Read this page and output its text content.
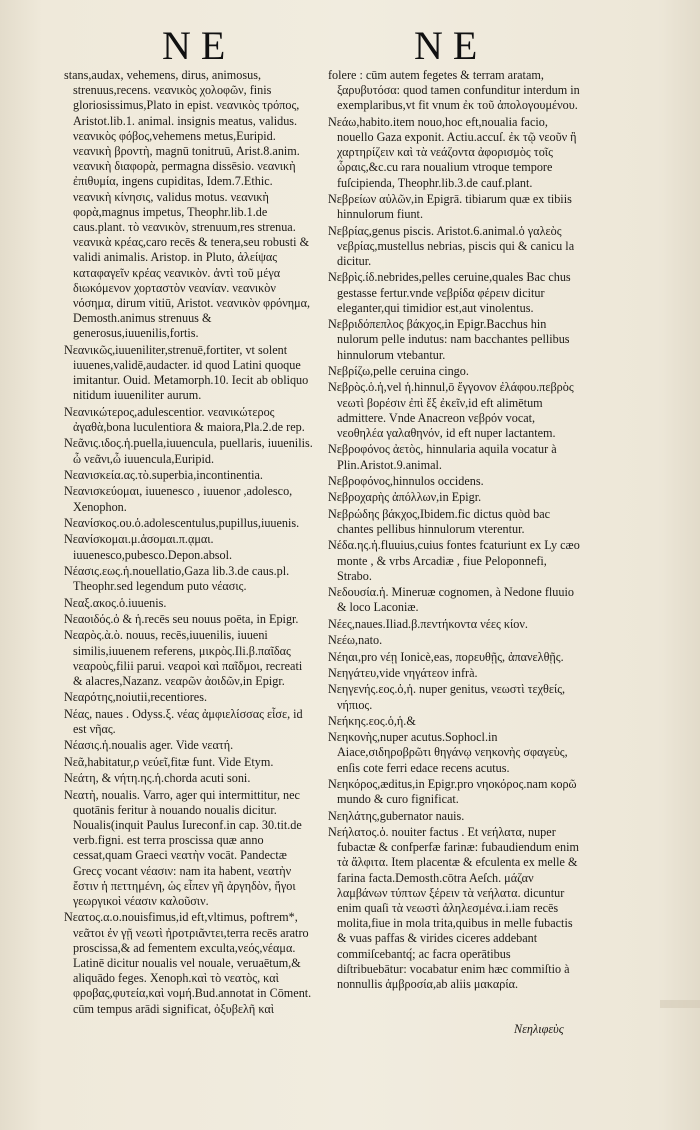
NE	NE

stans,audax, vehemens, dirus, animosus, strenuus,recens. νεανικὸς χολοφῶν, finis gloriosissimus,Plato in epist. νεανικὸς τρόπος, Aristot.lib.1. animal. insignis meatus, validus. νεανικὸς φόβος,vehemens metus,Euripid. νεανικὴ βροντὴ, magnū tonitruū, Arist.8.anim. νεανικὴ διαφορὰ, permagna dissēsio. νεανικὴ ἐπιθυμία, ingens cupiditas, Idem.7.Ethic. νεανικὴ κίνησις, validus motus. νεανικὴ φορὰ,magnus impetus, Theophr.lib.1.de caus.plant. τὸ νεανικὸν, strenuum,res strenua. νεανικὰ κρέας,caro recēs & tenera,seu robusti & validi animalis. Aristop. in Pluto, ἀλείψας καταφαγεῖν κρέας νεανικὸν. ἀντὶ τοῦ μέγα διωκόμενον χορταστὸν νεανίαν. νεανικὸν νόσημα, dirum vitiū, Aristot. νεανικὸν φρόνημα, Demosth.animus strenuus & generosus,iuuenilis,fortis.

Νεανικῶς,iuueniliter,strenuē,fortiter, vt solent iuuenes,validē,audacter. id quod Latini quoque imitantur. Ouid. Metamorph.10. Iecit ab obliquo nitidum iuueniliter aurum.

Νεανικώτερος,adulescentior. νεανικώτερος ἀγαθὰ,bona luculentiora & maiora,Pla.2.de rep.

Νεᾶνις.ιδος.ἡ.puella,iuuencula, puellaris, iuuenilis. ὦ νεᾶνι,ὦ iuuencula,Euripid.

Νεανισκεία.ας.τὸ.superbia,incontinentia.

Νεανισκεύομαι, iuuenesco , iuuenor ,adolesco, Xenophon.

Νεανίσκος.ου.ὁ.adolescentulus,pupillus,iuuenis.

Νεανίσκομαι.μ.ἀσομαι.π.ᾳμαι. iuuenesco,pubesco.Depon.absol.

Νέασις.εως.ἡ.nouellatio,Gaza lib.3.de caus.pl. Theophr.sed legendum puto νέασις.

Νεαξ.ακος.ὁ.iuuenis.

Νεαοιδός.ὁ & ἡ.recēs seu nouus poēta, in Epigr.

Νεαρὸς.ὰ.ὸ. nouus, recēs,iuuenilis, iuueni similis,iuuenem referens, μικρὸς.Ili.β.παῖδας νεαροὺς,filii parui. νεαροὶ καὶ παῖδμοι, recreati & alacres,Nazanz. νεαρῶν ἀοιδῶν,in Epigr.

Νεαρότης,noiutii,recentiores.

Νέας, naues . Odyss.ξ. νέας ἀμφιελίσσας εἷσε, id est νῆας.

Νέασις.ἡ.noualis ager. Vide νεατή.

Νεᾶ,habitatur,ρ νεύεῖ,fitæ funt. Vide Etym.

Νεάτη, & νήτη.ης.ἡ.chorda acuti soni.

Νεατὴ, noualis. Varro, ager qui intermittitur, nec quotānis feritur à nouando noualis dicitur. Noualis(inquit Paulus Iureconf.in cap. 30.tit.de verb.figni. est terra proscissa quæ anno cessat,quam Graeci νεατὴν vocāt. Pandectæ Grecç vocant νέασιν: nam ita habent, νεατὴν ἔστιν ἡ πεττημένη, ὡς εἶπεν γῆ ἀργηδὸν, ἤγοι γεωργικοὶ νέασιν καλοῦσιν.

Νεατος.α.ο.nouisfimus,id eft,vltimus, poftrem*, νεᾶτοι ἐν γῇ νεωτὶ ἠροτριᾶντει,terra recēs aratro proscissa,& ad fementem exculta,νεός,νέαμα. Latinē dicitur noualis vel nouale, veruaētum,& aliquādo feges. Xenoph.καὶ τὸ νεατὸς, καὶ φροβας,φυτεία,καὶ νομή.Bud.annotat in Cōment. cūm tempus arādi significat, ὀξυβελῆ καὶ

folere : cūm autem fegetes & terram aratam, ξαρυβυτόσα: quod tamen confunditur interdum in exemplaribus,vt fit vnum ἐκ τοῦ ἀπολογουμένου.

Νεάω,habito.item nouo,hoc eft,noualia facio, nouello Gaza exponit. Actiu.accuſ. ἐκ τῷ νεοῦν ἢ χαρτηρίζειν καὶ τὰ νεάζοντα ἀφορισμὸς τοῖς ὧραις,&c.cu rara noualium vtroque tempore fuſcipienda, Theophr.lib.3.de cauf.plant.

Νεβρείων αὐλῶν,in Epigrā. tibiarum quæ ex tibiis hinnulorum fiunt.

Νεβρίας,genus piscis. Aristot.6.animal.ὁ γαλεὸς νεβρίας,mustellus nebrias, piscis qui & canicu la dicitur.

Νεβρὶς.ίδ.nebrides,pelles ceruine,quales Bac chus gestasse fertur.vnde νεβρίδα φέρειν dicitur eleganter,qui timidior est,aut vinolentus.

Νεβριδόπεπλος βάκχος,in Epigr.Bacchus hin nulorum pelle indutus: nam bacchantes pellibus hinnulorum vtebantur.

Νεβρίζω,pelle ceruina cingo.

Νεβρὸς.ὁ.ἡ,vel ἡ.hinnul,ō ἔγγονον ἐλάφου.πεβρὸς νεωτὶ βορέσιν ἐπὶ ἔξ ἐκεῖν,id eft alimētum admittere. Vnde Anacreon νεβρόν vocat, νεοθηλέα γαλαθηνόν, id eft nuper lactantem.

Νεβροφόνος ἀετὸς, hinnularia aquila vocatur à Plin.Aristot.9.animal.

Νεβροφόνος,hinnulos occidens.

Νεβροχαρὴς ἀπόλλων,in Epigr.

Νεβρώδης βάκχος,Ibidem.fic dictus quòd bac chantes pellibus hinnulorum vterentur.

Νέδα.ης.ἡ.fluuius,cuius fontes fcaturiunt ex Ly cæo monte , & vrbs Arcadiæ , fiue Peloponnefi, Strabo.

Νεδουσία.ἡ. Mineruæ cognomen, à Nedone fluuio & loco Laconiæ.

Νέες,naues.Iliad.β.πεντήκοντα νέες κίον.

Νεέω,nato.

Νέηαι,pro νέῃ Ionicè,eas, πορευθῇς, ἀπανελθῇς.

Νεηγάτευ,vide νηγάτεον infrà.

Νεηγενής.εος.ὁ,ἡ. nuper genitus, νεωστὶ τεχθείς, νήπιος.

Νεήκης.εος.ὁ,ἡ.&

Νεηκονὴς,nuper acutus.Sophocl.in Aiace,σιδηροβρῶτι θηγάνῳ νεηκονὴς σφαγεὺς, enſis cote ferri edace recens acutus.

Νεηκόρος,æditus,in Epigr.pro νηοκόρος.nam κορῶ mundo & curo fignificat.

Νεηλάτης,gubernator nauis.

Νεήλατος.ὁ. nouiter factus . Et νεήλατα, nuper fubactæ & confperfæ farinæ: fubaudiendum enim τὰ ἄλφιτα. Item placentæ & efculenta ex melle & farina facta.Demosth.cōtra Aeſch. μάζαν λαμβάνων τύπτων ξέρειν τὰ νεήλατα. dicuntur enim quaſi τὰ νεωστὶ ἀληλεσμένα.i.iam recēs molita,fiue in mola trita,quibus in melle fubactis & vuas paffas & virides ciceres addebant commiſcebantq́; ac facra operātibus diſtribuebātur: vocabatur enim hæc commiſtio à nonnullis ἀμβροσία,ab aliis μακαρία.

Νεηλιφεὺς
